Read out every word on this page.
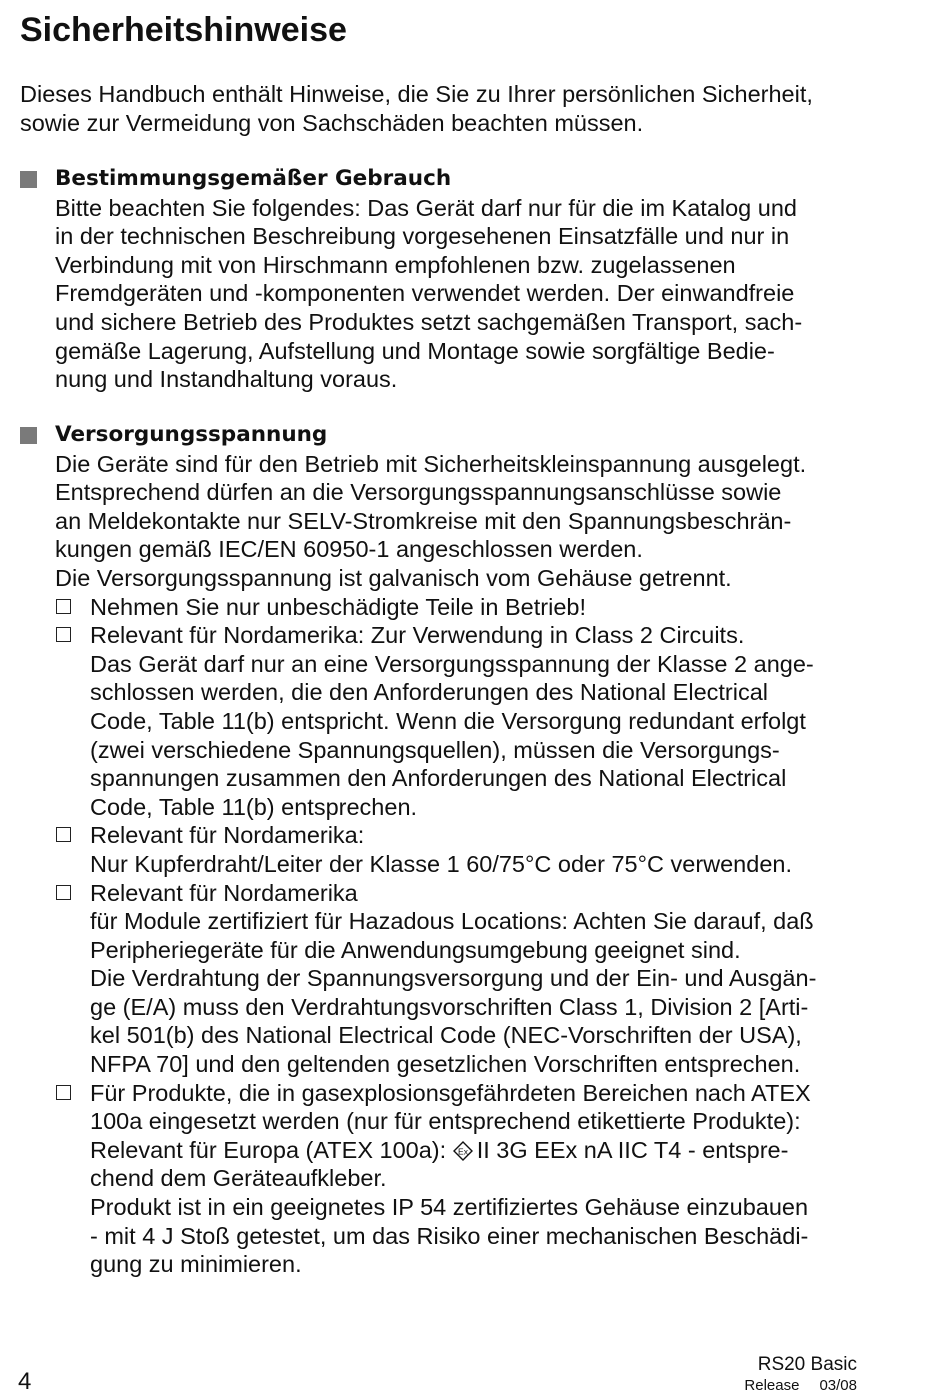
Sicherheitshinweise

Dieses Handbuch enthält Hinweise, die Sie zu Ihrer persönlichen Sicherheit,
sowie zur Vermeidung von Sachschäden beachten müssen.

Bestimmungsgemäßer Gebrauch

Bitte beachten Sie folgendes: Das Gerät darf nur für die im Katalog und
in der technischen Beschreibung vorgesehenen Einsatzfälle und nur in
Verbindung mit von Hirschmann empfohlenen bzw. zugelassenen
Fremdgeräten und -komponenten verwendet werden. Der einwandfreie
und sichere Betrieb des Produktes setzt sachgemäßen Transport, sach-
gemäße Lagerung, Aufstellung und Montage sowie sorgfältige Bedie-
nung und Instandhaltung voraus.

Versorgungsspannung

Die Geräte sind für den Betrieb mit Sicherheitskleinspannung ausgelegt.
Entsprechend dürfen an die Versorgungsspannungsanschlüsse sowie
an Meldekontakte nur SELV-Stromkreise mit den Spannungsbeschrän-
kungen gemäß IEC/EN 60950-1 angeschlossen werden.
Die Versorgungsspannung ist galvanisch vom Gehäuse getrennt.

Nehmen Sie nur unbeschädigte Teile in Betrieb!
Relevant für Nordamerika: Zur Verwendung in Class 2 Circuits.
Das Gerät darf nur an eine Versorgungsspannung der Klasse 2 ange-
schlossen werden, die den Anforderungen des National Electrical
Code, Table 11(b) entspricht. Wenn die Versorgung redundant erfolgt
(zwei verschiedene Spannungsquellen), müssen die Versorgungs-
spannungen zusammen den Anforderungen des National Electrical
Code, Table 11(b) entsprechen.
Relevant für Nordamerika:
Nur Kupferdraht/Leiter der Klasse 1 60/75°C oder 75°C verwenden.
Relevant für Nordamerika
für Module zertifiziert für Hazadous Locations: Achten Sie darauf, daß
Peripheriegeräte für die Anwendungsumgebung geeignet sind.
Die Verdrahtung der Spannungsversorgung und der Ein- und Ausgän-
ge (E/A) muss den Verdrahtungsvorschriften Class 1, Division 2 [Arti-
kel 501(b) des National Electrical Code (NEC-Vorschriften der USA),
NFPA 70] und den geltenden gesetzlichen Vorschriften entsprechen.
Für Produkte, die in gasexplosionsgefährdeten Bereichen nach ATEX
100a eingesetzt werden (nur für entsprechend etikettierte Produkte):
Relevant für Europa (ATEX 100a): Ex II 3G EEx nA IIC T4 - entspre-
chend dem Geräteaufkleber.
Produkt ist in ein geeignetes IP 54 zertifiziertes Gehäuse einzubauen
- mit 4 J Stoß getestet, um das Risiko einer mechanischen Beschädi-
gung zu minimieren.
4
RS20 Basic
Release 03/08
